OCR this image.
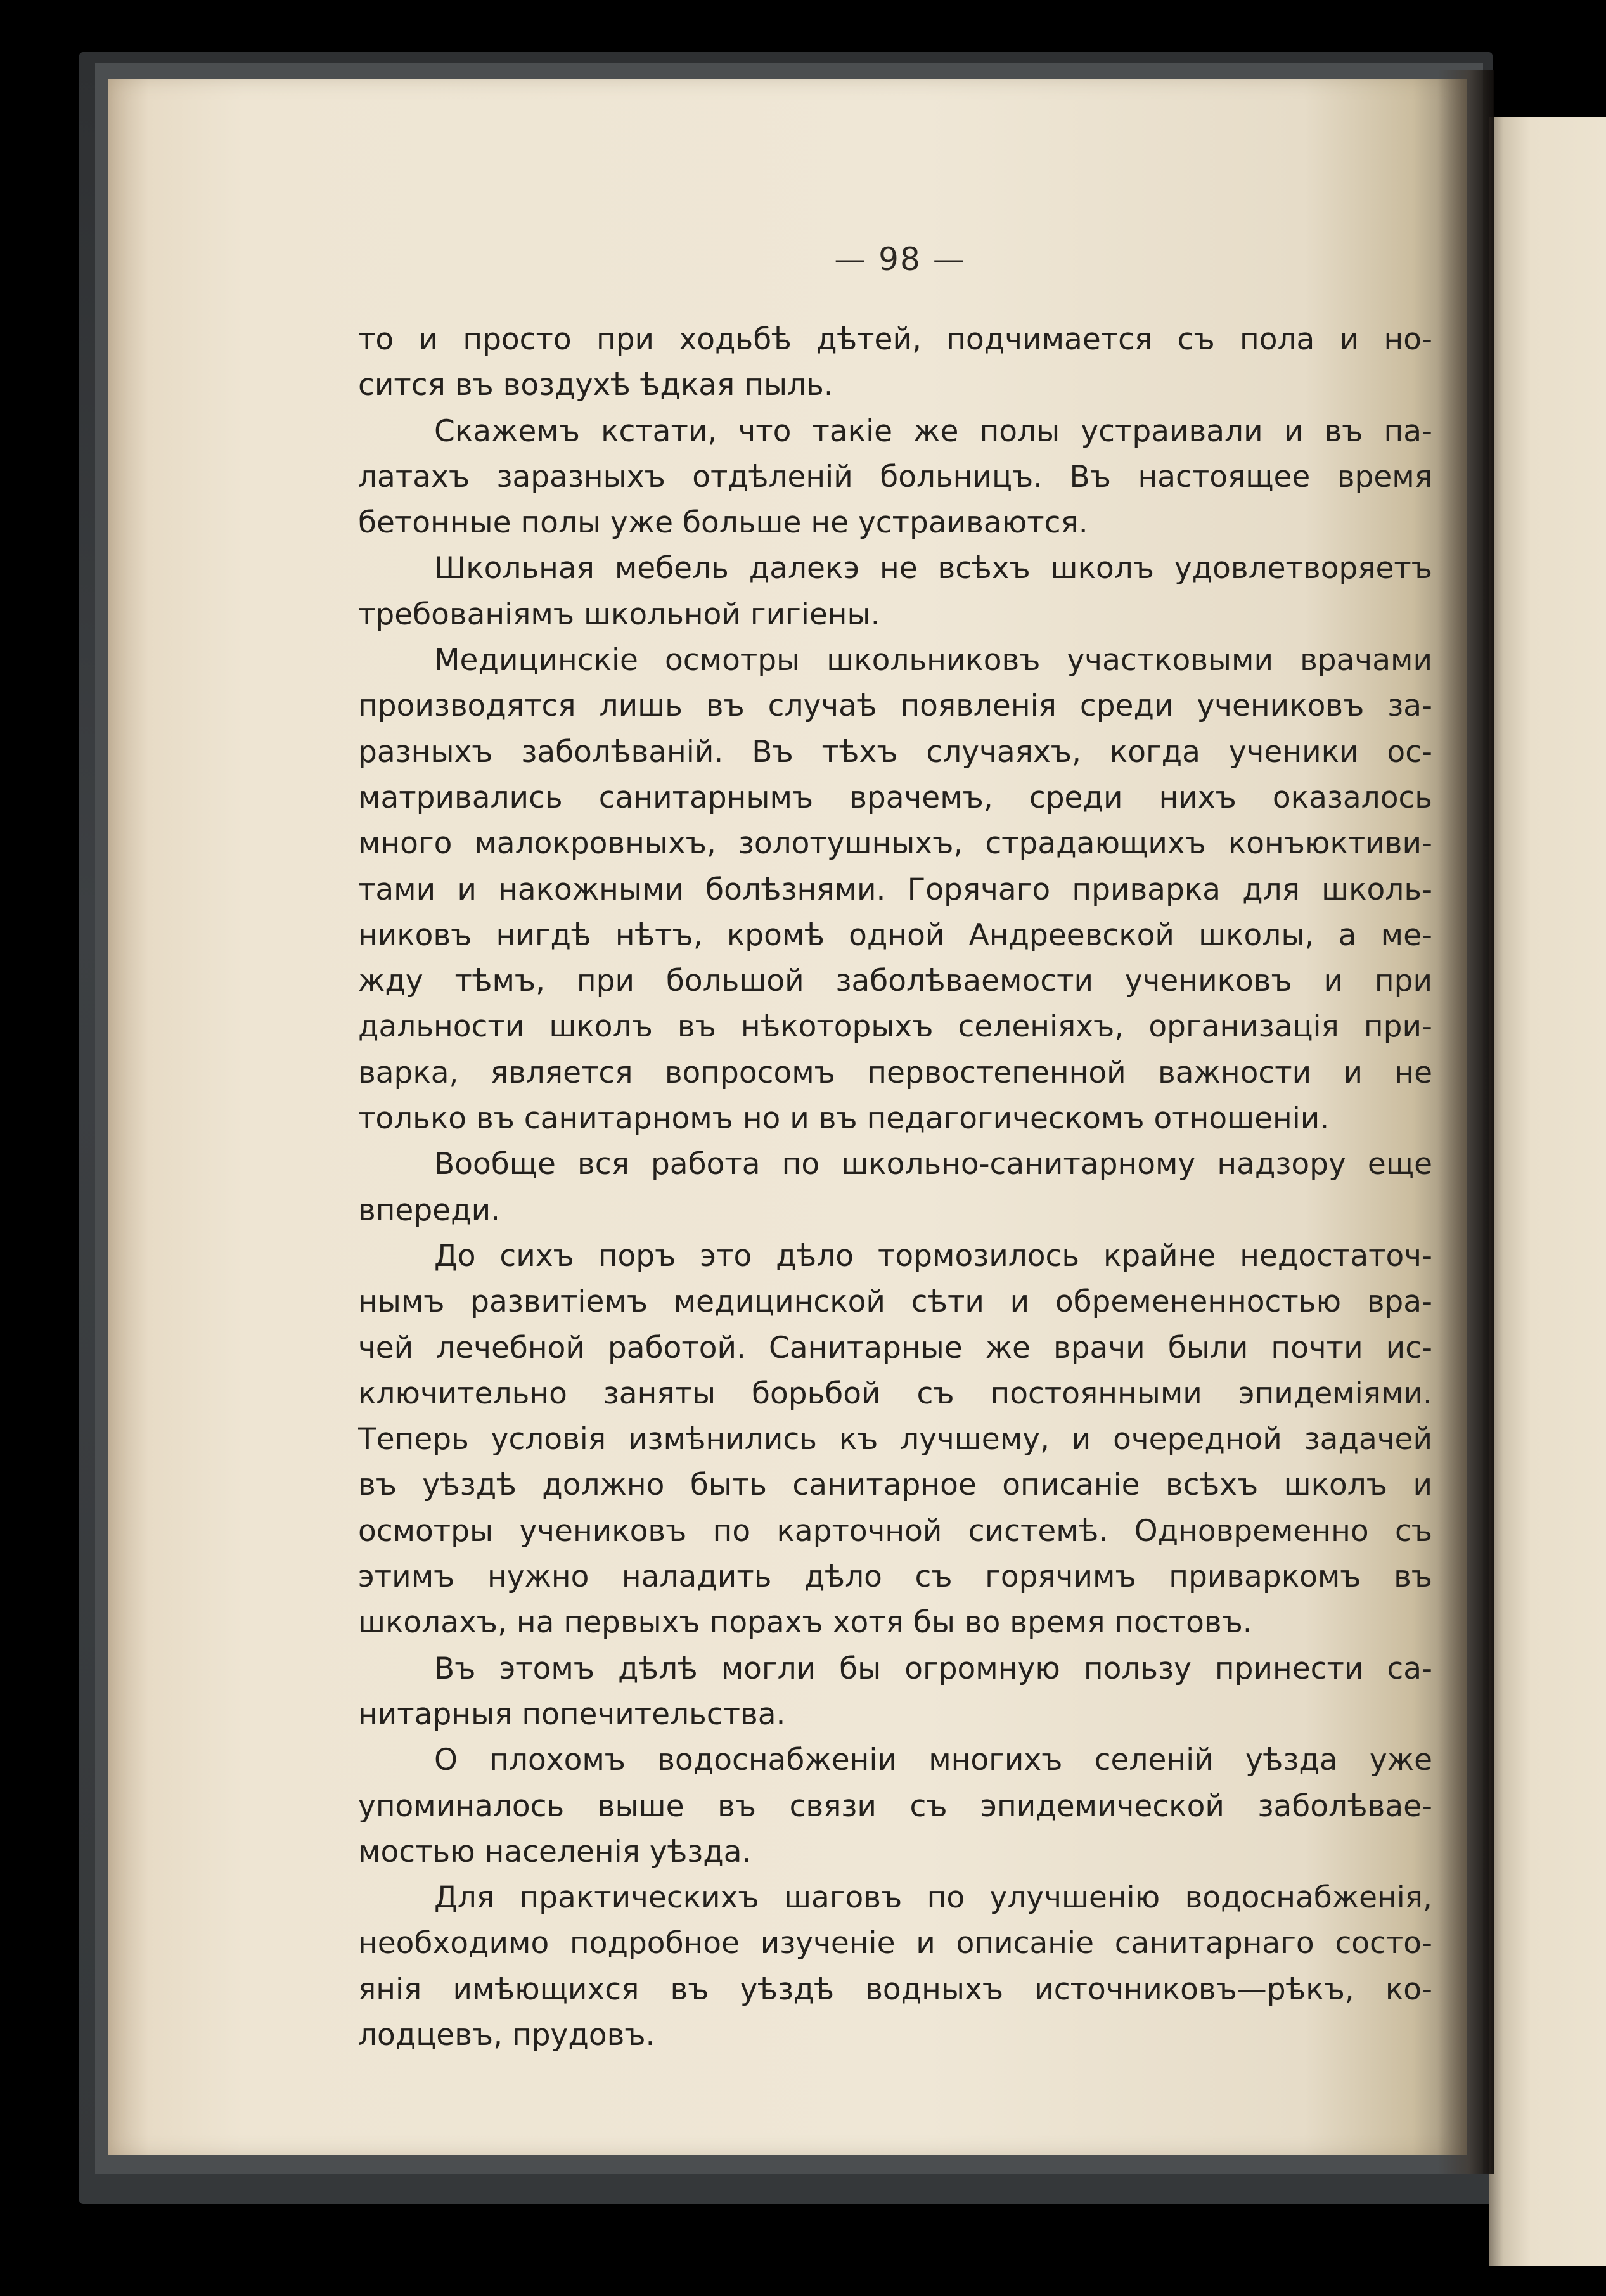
— 98 —
то и просто при ходьбѣ дѣтей, подчимается съ пола и но-
сится въ воздухѣ ѣдкая пыль.
Скажемъ кстати, что такіе же полы устраивали и въ па-
латахъ заразныхъ отдѣленій больницъ. Въ настоящее время
бетонные полы уже больше не устраиваются.
Школьная мебель далекэ не всѣхъ школъ удовлетворяетъ
требованіямъ школьной гигіены.
Медицинскіе осмотры школьниковъ участковыми врачами
производятся лишь въ случаѣ появленія среди учениковъ за-
разныхъ заболѣваній. Въ тѣхъ случаяхъ, когда ученики ос-
матривались санитарнымъ врачемъ, среди нихъ оказалось
много малокровныхъ, золотушныхъ, страдающихъ конъюктиви-
тами и накожными болѣзнями. Горячаго приварка для школь-
никовъ нигдѣ нѣтъ, кромѣ одной Андреевской школы, а ме-
жду тѣмъ, при большой заболѣваемости учениковъ и при
дальности школъ въ нѣкоторыхъ селеніяхъ, организація при-
варка, является вопросомъ первостепенной важности и не
только въ санитарномъ но и въ педагогическомъ отношеніи.
Вообще вся работа по школьно-санитарному надзору еще
впереди.
До сихъ поръ это дѣло тормозилось крайне недостаточ-
нымъ развитіемъ медицинской сѣти и обремененностью вра-
чей лечебной работой. Санитарные же врачи были почти ис-
ключительно заняты борьбой съ постоянными эпидеміями.
Теперь условія измѣнились къ лучшему, и очередной задачей
въ уѣздѣ должно быть санитарное описаніе всѣхъ школъ и
осмотры учениковъ по карточной системѣ. Одновременно съ
этимъ нужно наладить дѣло съ горячимъ приваркомъ въ
школахъ, на первыхъ порахъ хотя бы во время постовъ.
Въ этомъ дѣлѣ могли бы огромную пользу принести са-
нитарныя попечительства.
О плохомъ водоснабженіи многихъ селеній уѣзда уже
упоминалось выше въ связи съ эпидемической заболѣвае-
мостью населенія уѣзда.
Для практическихъ шаговъ по улучшенію водоснабженія,
необходимо подробное изученіе и описаніе санитарнаго состо-
янія имѣющихся въ уѣздѣ водныхъ источниковъ—рѣкъ, ко-
лодцевъ, прудовъ.
